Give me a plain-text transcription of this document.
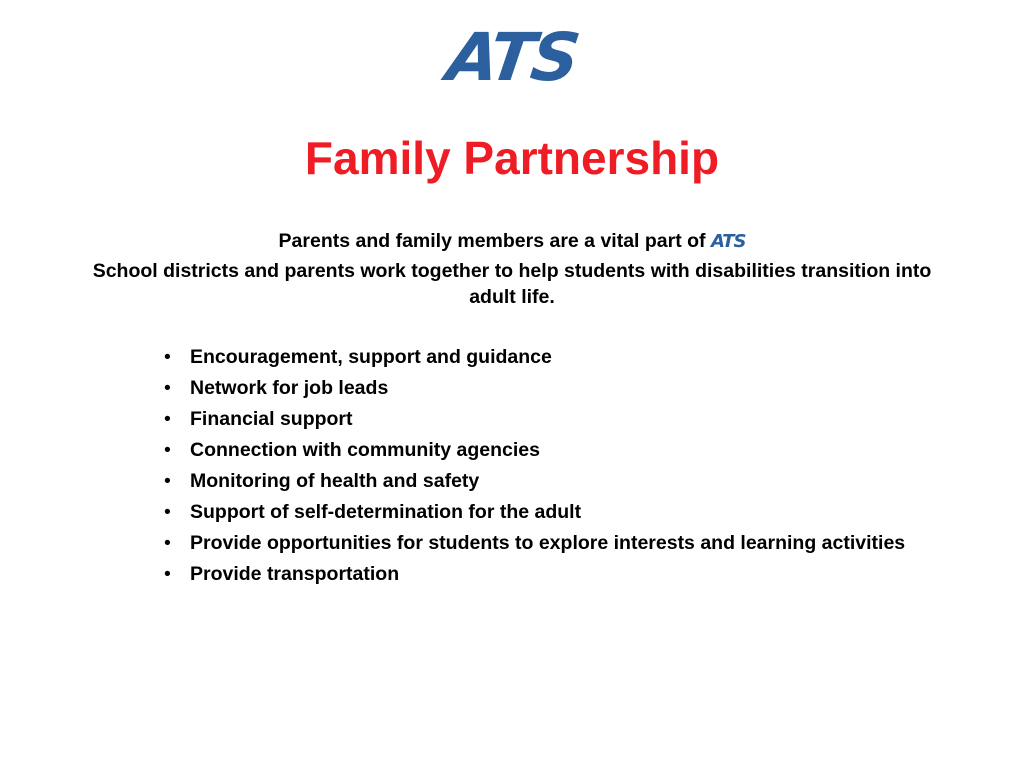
ATS
Family Partnership
Parents and family members are a vital part of ATS
School districts and parents work together to help students with disabilities transition into adult life.
• Encouragement, support and guidance
• Network for job leads
• Financial support
• Connection with community agencies
• Monitoring of health and safety
• Support of self-determination for the adult
• Provide opportunities for students to explore interests and learning activities
• Provide transportation
